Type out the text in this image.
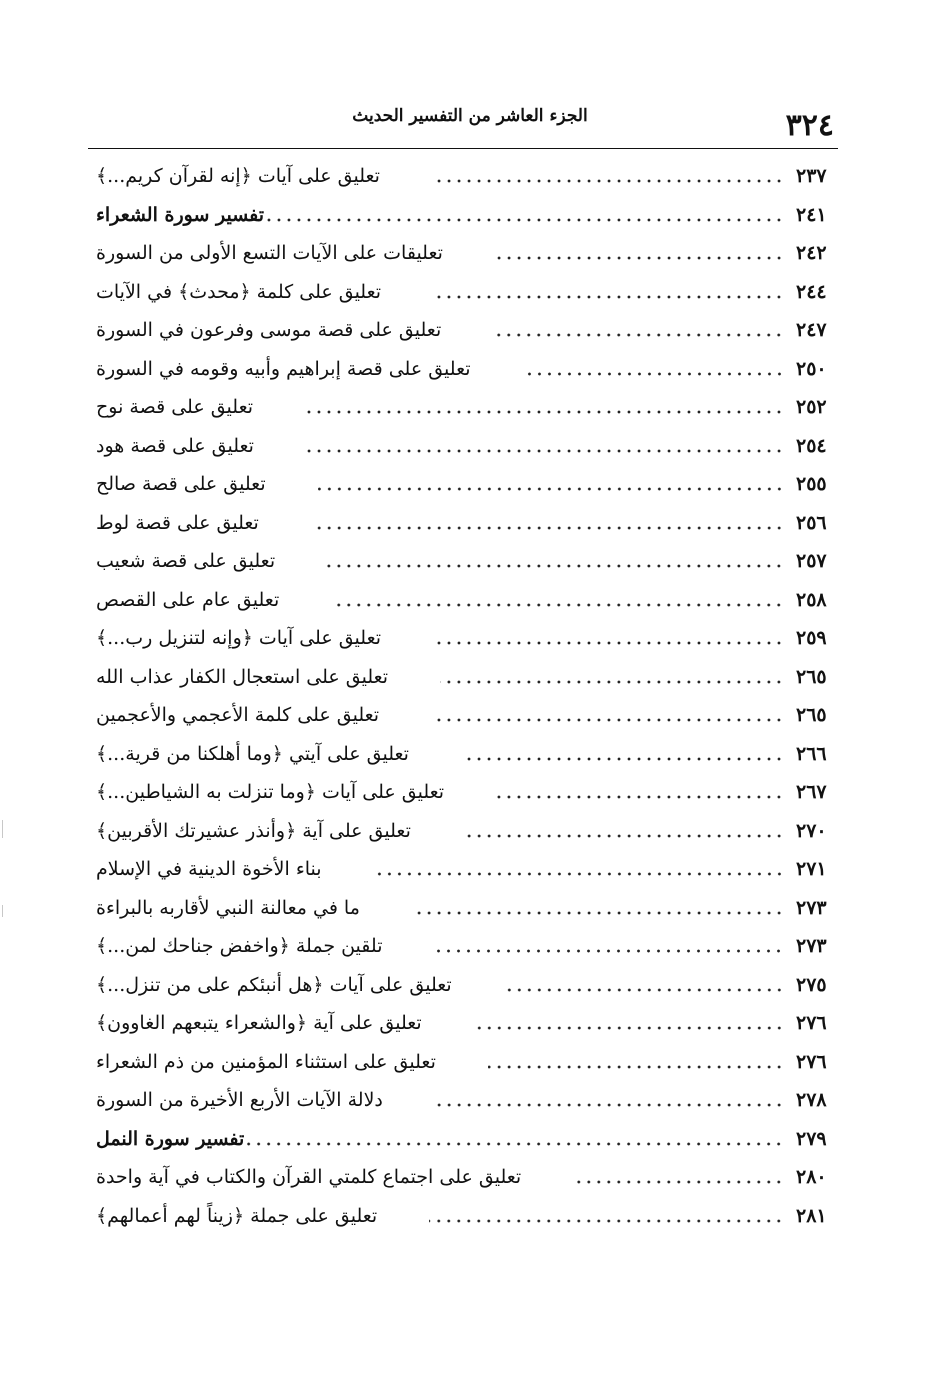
الجزء العاشر من التفسير الحديث	٣٢٤
تعليق على آيات ﴿إنه لقرآن كريم...﴾	٢٣٧
تفسير سورة الشعراء	٢٤١
تعليقات على الآيات التسع الأولى من السورة	٢٤٢
تعليق على كلمة ﴿محدث﴾ في الآيات	٢٤٤
تعليق على قصة موسى وفرعون في السورة	٢٤٧
تعليق على قصة إبراهيم وأبيه وقومه في السورة	٢٥٠
تعليق على قصة نوح	٢٥٢
تعليق على قصة هود	٢٥٤
تعليق على قصة صالح	٢٥٥
تعليق على قصة لوط	٢٥٦
تعليق على قصة شعيب	٢٥٧
تعليق عام على القصص	٢٥٨
تعليق على آيات ﴿وإنه لتنزيل رب...﴾	٢٥٩
تعليق على استعجال الكفار عذاب الله	٢٦٥
تعليق على كلمة الأعجمي والأعجمين	٢٦٥
تعليق على آيتي ﴿وما أهلكنا من قرية...﴾	٢٦٦
تعليق على آيات ﴿وما تنزلت به الشياطين...﴾	٢٦٧
تعليق على آية ﴿وأنذر عشيرتك الأقربين﴾	٢٧٠
بناء الأخوة الدينية في الإسلام	٢٧١
ما في معالنة النبي لأقاربه بالبراءة	٢٧٣
تلقين جملة ﴿واخفض جناحك لمن...﴾	٢٧٣
تعليق على آيات ﴿هل أنبئكم على من تنزل...﴾	٢٧٥
تعليق على آية ﴿والشعراء يتبعهم الغاوون﴾	٢٧٦
تعليق على استثناء المؤمنين من ذم الشعراء	٢٧٦
دلالة الآيات الأربع الأخيرة من السورة	٢٧٨
تفسير سورة النمل	٢٧٩
تعليق على اجتماع كلمتي القرآن والكتاب في آية واحدة	٢٨٠
تعليق على جملة ﴿زيناً لهم أعمالهم﴾	٢٨١
